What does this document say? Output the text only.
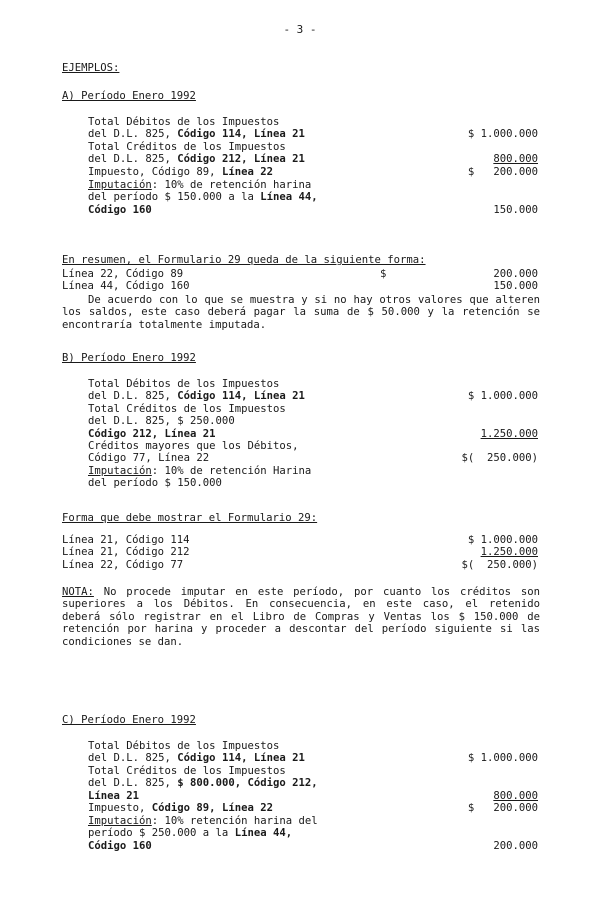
- 3 -
EJEMPLOS:
A) Período Enero 1992
Total Débitos de los Impuestos
del D.L. 825, Código 114, Línea 21	$ 1.000.000
Total Créditos de los Impuestos
del D.L. 825, Código 212, Línea 21	800.000
Impuesto, Código 89, Línea 22	$   200.000
Imputación: 10% de retención harina
del período $ 150.000 a la Línea 44,
Código 160	150.000
En resumen, el Formulario 29 queda de la siguiente forma:
Línea 22, Código 89	$	200.000
Línea 44, Código 160	150.000
De acuerdo con lo que se muestra y si no hay otros valores que alteren los saldos, este caso deberá pagar la suma de $ 50.000 y la retención se encontraría totalmente imputada.
B) Período Enero 1992
Total Débitos de los Impuestos
del D.L. 825, Código 114, Línea 21	$ 1.000.000
Total Créditos de los Impuestos
del D.L. 825, $ 250.000
Código 212, Línea 21	1.250.000
Créditos mayores que los Débitos,
Código 77, Línea 22	$(  250.000)
Imputación: 10% de retención Harina
del período $ 150.000
Forma que debe mostrar el Formulario 29:
Línea 21, Código 114	$ 1.000.000
Línea 21, Código 212	1.250.000
Línea 22, Código 77	$(  250.000)
NOTA: No procede imputar en este período, por cuanto los créditos son superiores a los Débitos. En consecuencia, en este caso, el retenido deberá sólo registrar en el Libro de Compras y Ventas los $ 150.000 de retención por harina y proceder a descontar del período siguiente si las condiciones se dan.
C) Período Enero 1992
Total Débitos de los Impuestos
del D.L. 825, Código 114, Línea 21	$ 1.000.000
Total Créditos de los Impuestos
del D.L. 825, $ 800.000, Código 212,
Línea 21	800.000
Impuesto, Código 89, Línea 22	$   200.000
Imputación: 10% retención harina del
período $ 250.000 a la Línea 44,
Código 160	200.000
